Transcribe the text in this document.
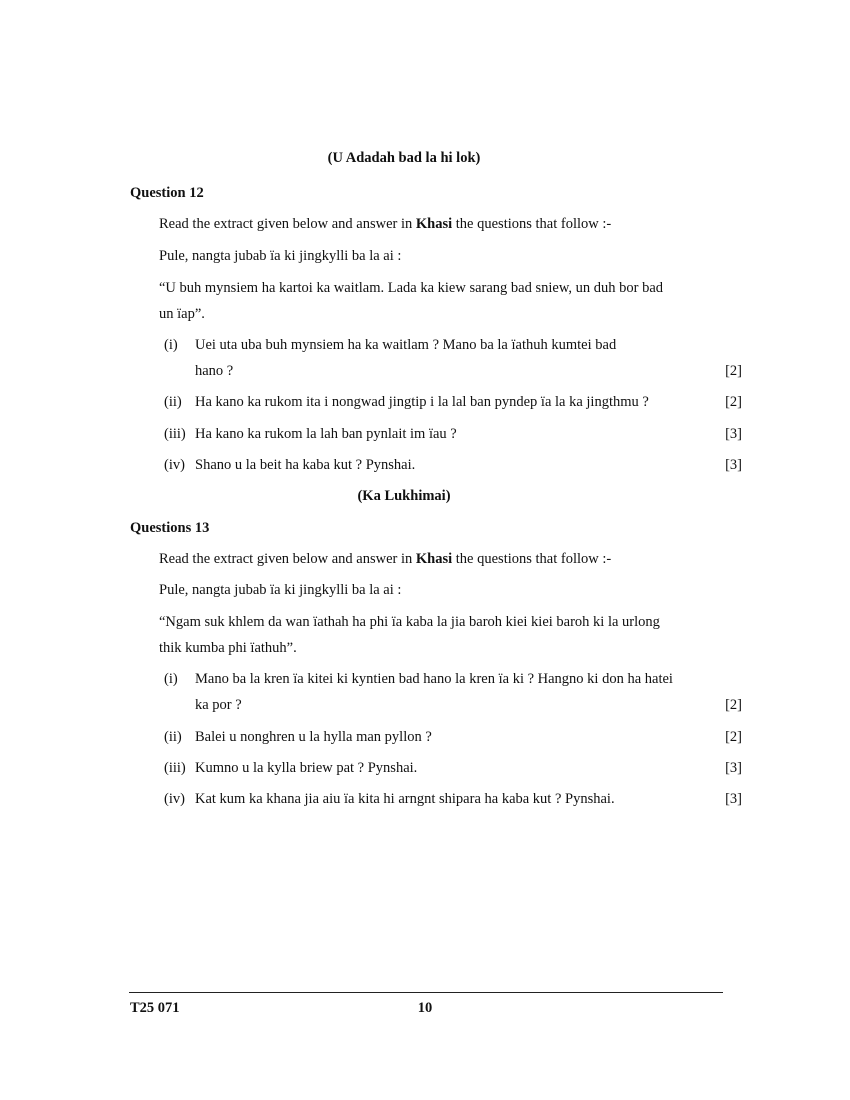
(U Adadah bad la hi lok)
Question 12
Read the extract given below and answer in Khasi the questions that follow :-
Pule, nangta jubab ïa ki jingkylli ba la ai :
“U buh mynsiem ha kartoi ka waitlam. Lada ka kiew sarang bad sniew, un duh bor bad
un ïap”.
(i) Uei uta uba buh mynsiem ha ka waitlam ? Mano ba la ïathuh kumtei bad
hano ?	[2]
(ii) Ha kano ka rukom ita i nongwad jingtip i la lal ban pyndep ïa la ka jingthmu ?	[2]
(iii) Ha kano ka rukom la lah ban pynlait im ïau ?	[3]
(iv) Shano u la beit ha kaba kut ? Pynshai.	[3]
(Ka Lukhimai)
Questions 13
Read the extract given below and answer in Khasi the questions that follow :-
Pule, nangta jubab ïa ki jingkylli ba la ai :
“Ngam suk khlem da wan ïathah ha phi ïa kaba la jia baroh kiei kiei baroh ki la urlong
thik kumba phi ïathuh”.
(i) Mano ba la kren ïa kitei ki kyntien bad hano la kren ïa ki ? Hangno ki don ha hatei
ka por ?	[2]
(ii) Balei u nonghren u la hylla man pyllon ?	[2]
(iii) Kumno u la kylla briew pat ? Pynshai.	[3]
(iv) Kat kum ka khana jia aiu ïa kita hi arngnt shipara ha kaba kut ? Pynshai.	[3]
T25 071	10
